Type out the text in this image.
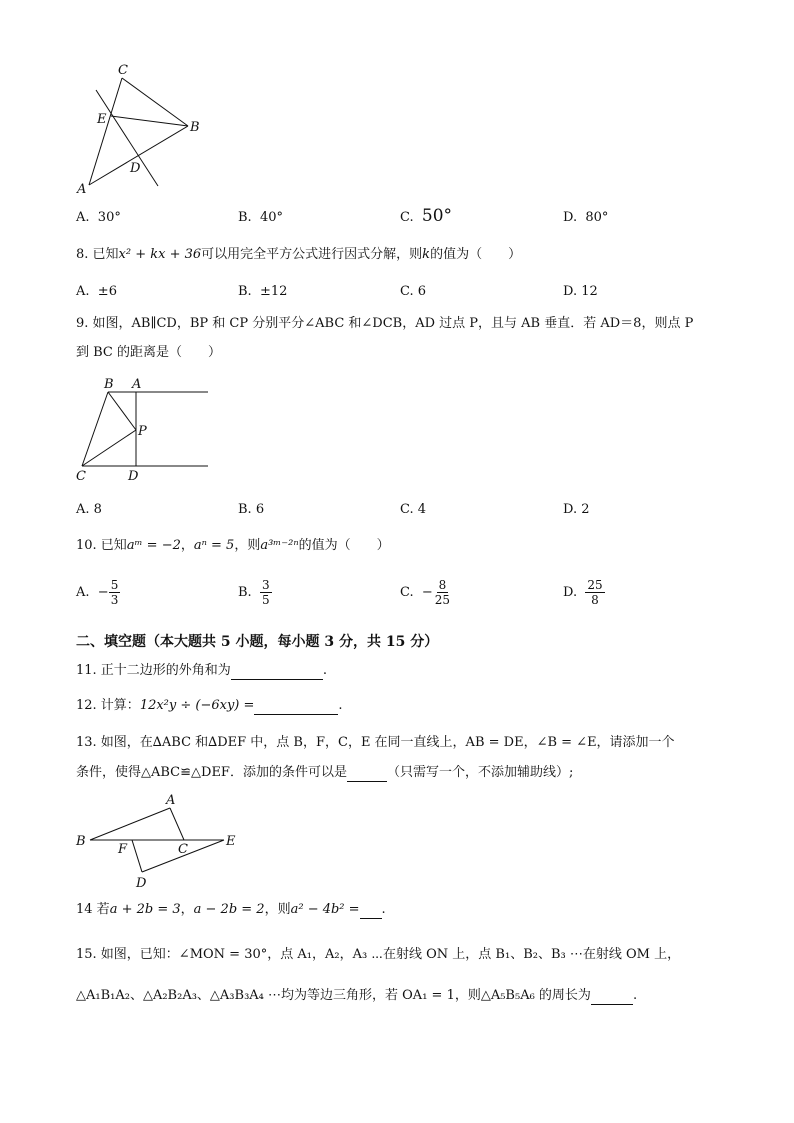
C
E
B
D
A
A. 30°	B. 40°	C. 50°	D. 80°
8. 已知x² + kx + 36可以用完全平方公式进行因式分解，则k的值为（　　）
A. ±6	B. ±12	C. 6	D. 12
9. 如图，AB∥CD，BP 和 CP 分别平分∠ABC 和∠DCB，AD 过点 P，且与 AB 垂直．若 AD＝8，则点 P
到 BC 的距离是（　　）
B A
P
C	D
A. 8	B. 6	C. 4	D. 2
10. 已知aᵐ = −2，aⁿ = 5，则a³ᵐ⁻²ⁿ的值为（　　）
A. − $\frac{5}{3}$	B. $\frac{3}{5}$	C. − $\frac{8}{25}$	D. $\frac{25}{8}$
二、填空题（本大题共 5 小题，每小题 3 分，共 15 分）
11. 正十二边形的外角和为	.
12. 计算：12x²y ÷ (−6xy) =	.
13. 如图，在∆ABC 和∆DEF 中，点 B，F，C，E 在同一直线上，AB = DE，∠B = ∠E，请添加一个
条件，使得△ABC≌△DEF．添加的条件可以是	（只需写一个，不添加辅助线）;
A
B
F	C
E
D
14 若a + 2b = 3，a − 2b = 2，则a² − 4b² = .
15. 如图，已知：∠MON = 30°，点 A₁，A₂，A₃ ⋯在射线 ON 上，点 B₁、B₂、B₃ ⋯在射线 OM 上，
△A₁B₁A₂、△A₂B₂A₃、△A₃B₃A₄ ⋯均为等边三角形，若 OA₁ = 1，则△A₅B₅A₆ 的周长为	.
